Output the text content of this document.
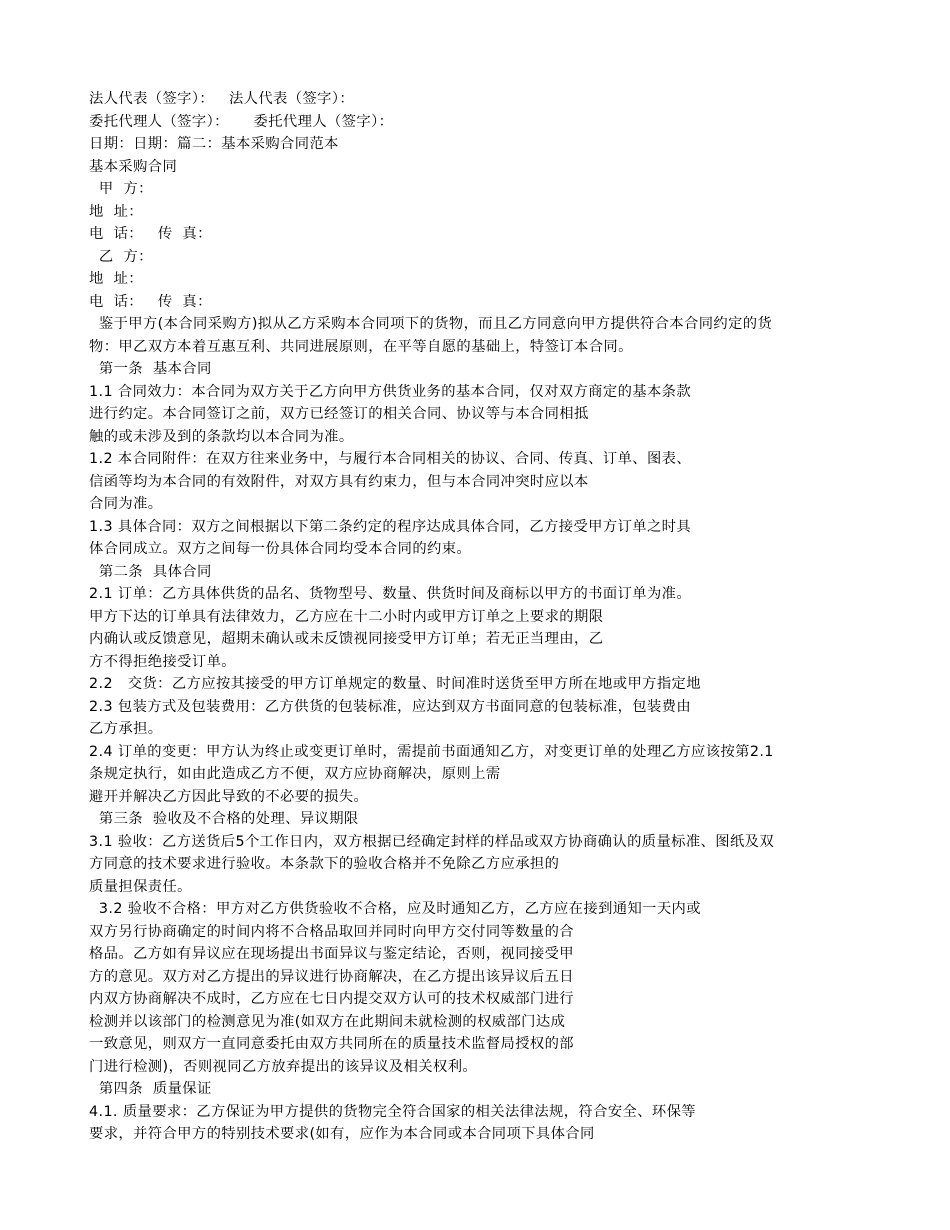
法人代表（签字）：   法人代表（签字）：
委托代理人（签字）：     委托代理人（签字）：
日期：日期：篇二：基本采购合同范本
基本采购合同
甲  方：
地  址：
电  话：   传  真：
乙  方：
地  址：
电  话：   传  真：
鉴于甲方(本合同采购方)拟从乙方采购本合同项下的货物，而且乙方同意向甲方提供符合本合同约定的货
物：甲乙双方本着互惠互利、共同进展原则，在平等自愿的基础上，特签订本合同。
第一条  基本合同
1.1 合同效力：本合同为双方关于乙方向甲方供货业务的基本合同，仅对双方商定的基本条款
进行约定。本合同签订之前，双方已经签订的相关合同、协议等与本合同相抵
触的或未涉及到的条款均以本合同为准。
1.2 本合同附件：在双方往来业务中，与履行本合同相关的协议、合同、传真、订单、图表、
信函等均为本合同的有效附件，对双方具有约束力，但与本合同冲突时应以本
合同为准。
1.3 具体合同：双方之间根据以下第二条约定的程序达成具体合同，乙方接受甲方订单之时具
体合同成立。双方之间每一份具体合同均受本合同的约束。
第二条  具体合同
2.1 订单：乙方具体供货的品名、货物型号、数量、供货时间及商标以甲方的书面订单为准。
甲方下达的订单具有法律效力，乙方应在十二小时内或甲方订单之上要求的期限
内确认或反馈意见，超期未确认或未反馈视同接受甲方订单；若无正当理由，乙
方不得拒绝接受订单。
2.2   交货：乙方应按其接受的甲方订单规定的数量、时间准时送货至甲方所在地或甲方指定地
2.3 包装方式及包装费用：乙方供货的包装标准，应达到双方书面同意的包装标准，包装费由
乙方承担。
2.4 订单的变更：甲方认为终止或变更订单时，需提前书面通知乙方，对变更订单的处理乙方应该按第2.1
条规定执行，如由此造成乙方不便，双方应协商解决，原则上需
避开并解决乙方因此导致的不必要的损失。
第三条  验收及不合格的处理、异议期限
3.1 验收：乙方送货后5个工作日内，双方根据已经确定封样的样品或双方协商确认的质量标准、图纸及双
方同意的技术要求进行验收。本条款下的验收合格并不免除乙方应承担的
质量担保责任。
3.2 验收不合格：甲方对乙方供货验收不合格，应及时通知乙方，乙方应在接到通知一天内或
双方另行协商确定的时间内将不合格品取回并同时向甲方交付同等数量的合
格品。乙方如有异议应在现场提出书面异议与鉴定结论，否则，视同接受甲
方的意见。双方对乙方提出的异议进行协商解决，在乙方提出该异议后五日
内双方协商解决不成时，乙方应在七日内提交双方认可的技术权威部门进行
检测并以该部门的检测意见为准(如双方在此期间未就检测的权威部门达成
一致意见，则双方一直同意委托由双方共同所在的质量技术监督局授权的部
门进行检测)，否则视同乙方放弃提出的该异议及相关权利。
第四条  质量保证
4.1. 质量要求：乙方保证为甲方提供的货物完全符合国家的相关法律法规，符合安全、环保等
要求，并符合甲方的特别技术要求(如有，应作为本合同或本合同项下具体合同
